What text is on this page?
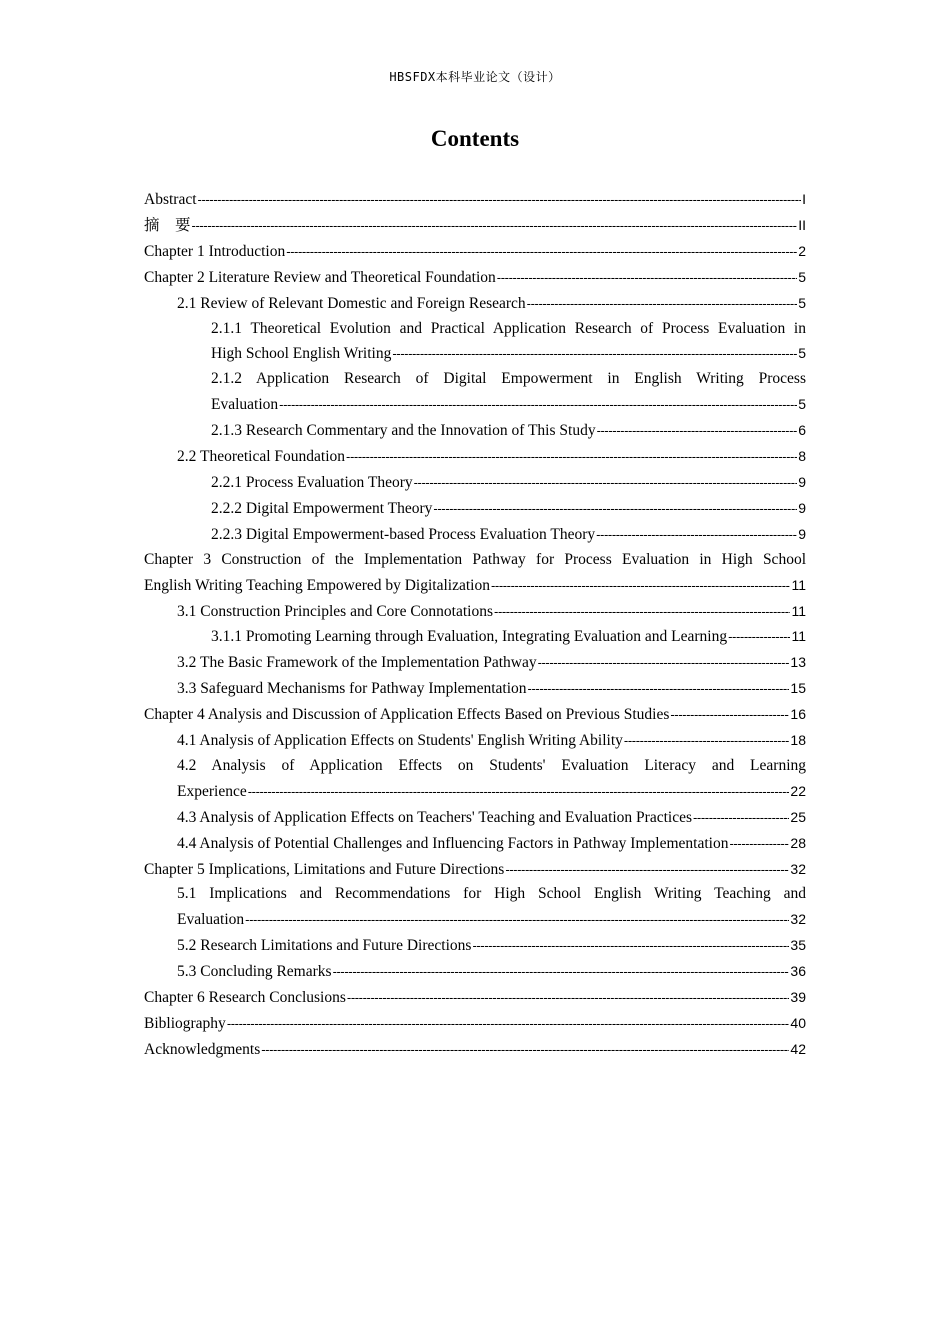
HBSFDX本科毕业论文（设计）
Contents
Abstract -----	I
摘　要 -----	II
Chapter 1 Introduction -----	2
Chapter 2 Literature Review and Theoretical Foundation -----	5
2.1 Review of Relevant Domestic and Foreign Research -----	5
2.1.1 Theoretical Evolution and Practical Application Research of Process Evaluation in
High School English Writing -----	5
2.1.2 Application Research of Digital Empowerment in English Writing Process
Evaluation -----	5
2.1.3 Research Commentary and the Innovation of This Study -----	6
2.2 Theoretical Foundation -----	8
2.2.1 Process Evaluation Theory -----	9
2.2.2 Digital Empowerment Theory -----	9
2.2.3 Digital Empowerment-based Process Evaluation Theory -----	9
Chapter 3 Construction of the Implementation Pathway for Process Evaluation in High School
English Writing Teaching Empowered by Digitalization -----	11
3.1 Construction Principles and Core Connotations -----	11
3.1.1 Promoting Learning through Evaluation, Integrating Evaluation and Learning -----	11
3.2 The Basic Framework of the Implementation Pathway -----	13
3.3 Safeguard Mechanisms for Pathway Implementation -----	15
Chapter 4 Analysis and Discussion of Application Effects Based on Previous Studies -----	16
4.1 Analysis of Application Effects on Students' English Writing Ability -----	18
4.2 Analysis of Application Effects on Students' Evaluation Literacy and Learning
Experience -----	22
4.3 Analysis of Application Effects on Teachers' Teaching and Evaluation Practices -----	25
4.4 Analysis of Potential Challenges and Influencing Factors in Pathway Implementation -----	28
Chapter 5 Implications, Limitations and Future Directions -----	32
5.1 Implications and Recommendations for High School English Writing Teaching and
Evaluation -----	32
5.2 Research Limitations and Future Directions -----	35
5.3 Concluding Remarks -----	36
Chapter 6 Research Conclusions -----	39
Bibliography -----	40
Acknowledgments -----	42
